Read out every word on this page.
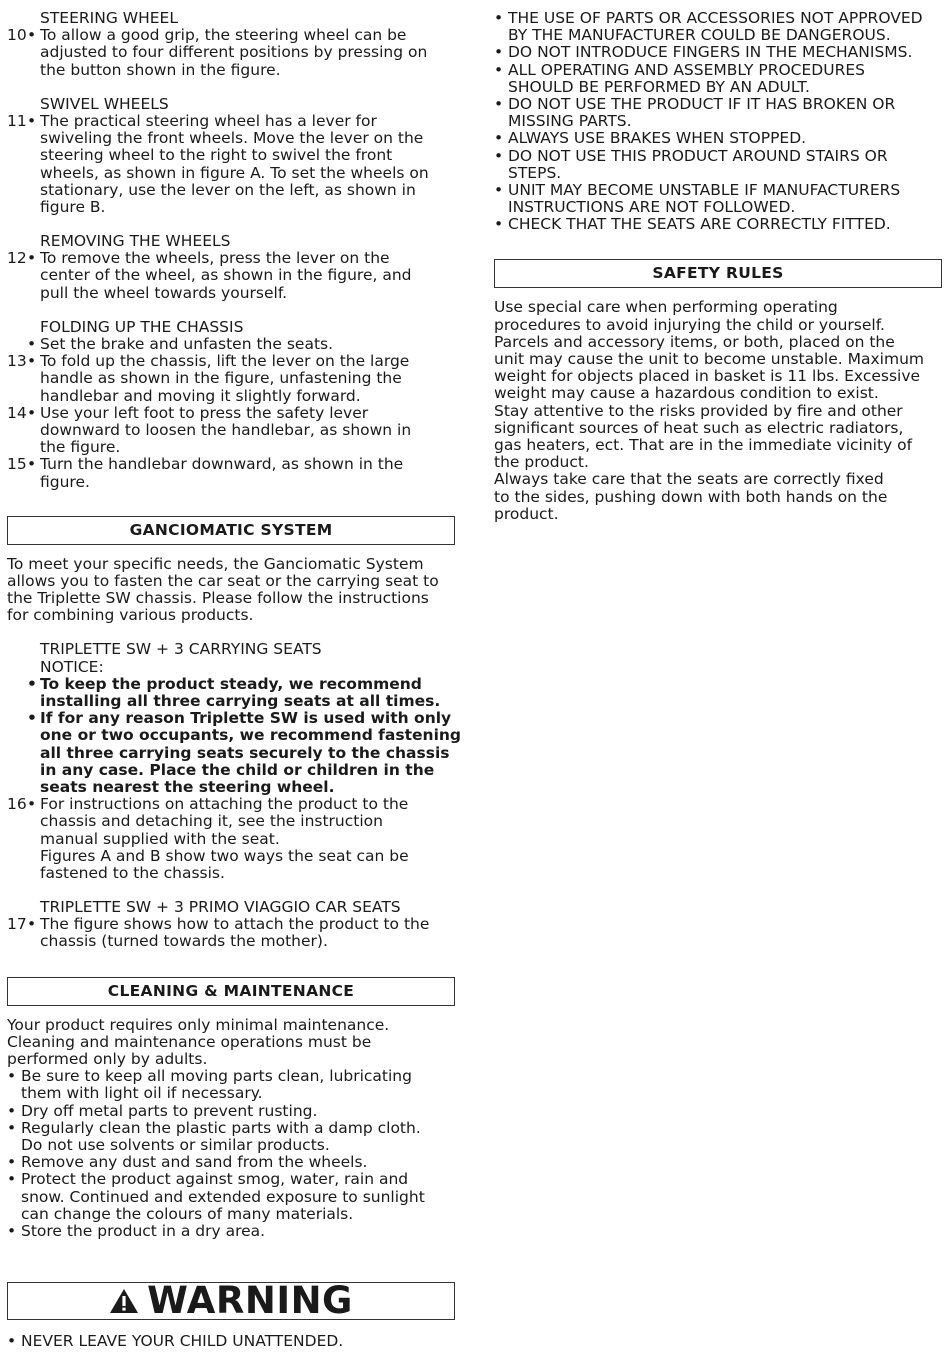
STEERING WHEEL
10 • To allow a good grip, the steering wheel can be
adjusted to four different positions by pressing on
the button shown in the figure.
SWIVEL WHEELS
11 • The practical steering wheel has a lever for
swiveling the front wheels. Move the lever on the
steering wheel to the right to swivel the front
wheels, as shown in figure A. To set the wheels on
stationary, use the lever on the left, as shown in
figure B.
REMOVING THE WHEELS
12 • To remove the wheels, press the lever on the
center of the wheel, as shown in the figure, and
pull the wheel towards yourself.
FOLDING UP THE CHASSIS
• Set the brake and unfasten the seats.
13 • To fold up the chassis, lift the lever on the large
handle as shown in the figure, unfastening the
handlebar and moving it slightly forward.
14 • Use your left foot to press the safety lever
downward to loosen the handlebar, as shown in
the figure.
15 • Turn the handlebar downward, as shown in the
figure.
GANCIOMATIC SYSTEM
To meet your specific needs, the Ganciomatic System
allows you to fasten the car seat or the carrying seat to
the Triplette SW chassis. Please follow the instructions
for combining various products.
TRIPLETTE SW + 3 CARRYING SEATS
NOTICE:
• To keep the product steady, we recommend
installing all three carrying seats at all times.
• If for any reason Triplette SW is used with only
one or two occupants, we recommend fastening
all three carrying seats securely to the chassis
in any case. Place the child or children in the
seats nearest the steering wheel.
16 • For instructions on attaching the product to the
chassis and detaching it, see the instruction
manual supplied with the seat.
Figures A and B show two ways the seat can be
fastened to the chassis.
TRIPLETTE SW + 3 PRIMO VIAGGIO CAR SEATS
17 • The figure shows how to attach the product to the
chassis (turned towards the mother).
CLEANING & MAINTENANCE
Your product requires only minimal maintenance.
Cleaning and maintenance operations must be
performed only by adults.
• Be sure to keep all moving parts clean, lubricating
them with light oil if necessary.
• Dry off metal parts to prevent rusting.
• Regularly clean the plastic parts with a damp cloth.
Do not use solvents or similar products.
• Remove any dust and sand from the wheels.
• Protect the product against smog, water, rain and
snow. Continued and extended exposure to sunlight
can change the colours of many materials.
• Store the product in a dry area.
WARNING
• NEVER LEAVE YOUR CHILD UNATTENDED.
• THE USE OF PARTS OR ACCESSORIES NOT APPROVED
BY THE MANUFACTURER COULD BE DANGEROUS.
• DO NOT INTRODUCE FINGERS IN THE MECHANISMS.
• ALL OPERATING AND ASSEMBLY PROCEDURES
SHOULD BE PERFORMED BY AN ADULT.
• DO NOT USE THE PRODUCT IF IT HAS BROKEN OR
MISSING PARTS.
• ALWAYS USE BRAKES WHEN STOPPED.
• DO NOT USE THIS PRODUCT AROUND STAIRS OR
STEPS.
• UNIT MAY BECOME UNSTABLE IF MANUFACTURERS
INSTRUCTIONS ARE NOT FOLLOWED.
• CHECK THAT THE SEATS ARE CORRECTLY FITTED.
SAFETY RULES
Use special care when performing operating
procedures to avoid injurying the child or yourself.
Parcels and accessory items, or both, placed on the
unit may cause the unit to become unstable. Maximum
weight for objects placed in basket is 11 lbs. Excessive
weight may cause a hazardous condition to exist.
Stay attentive to the risks provided by fire and other
significant sources of heat such as electric radiators,
gas heaters, ect. That are in the immediate vicinity of
the product.
Always take care that the seats are correctly fixed
to the sides, pushing down with both hands on the
product.
